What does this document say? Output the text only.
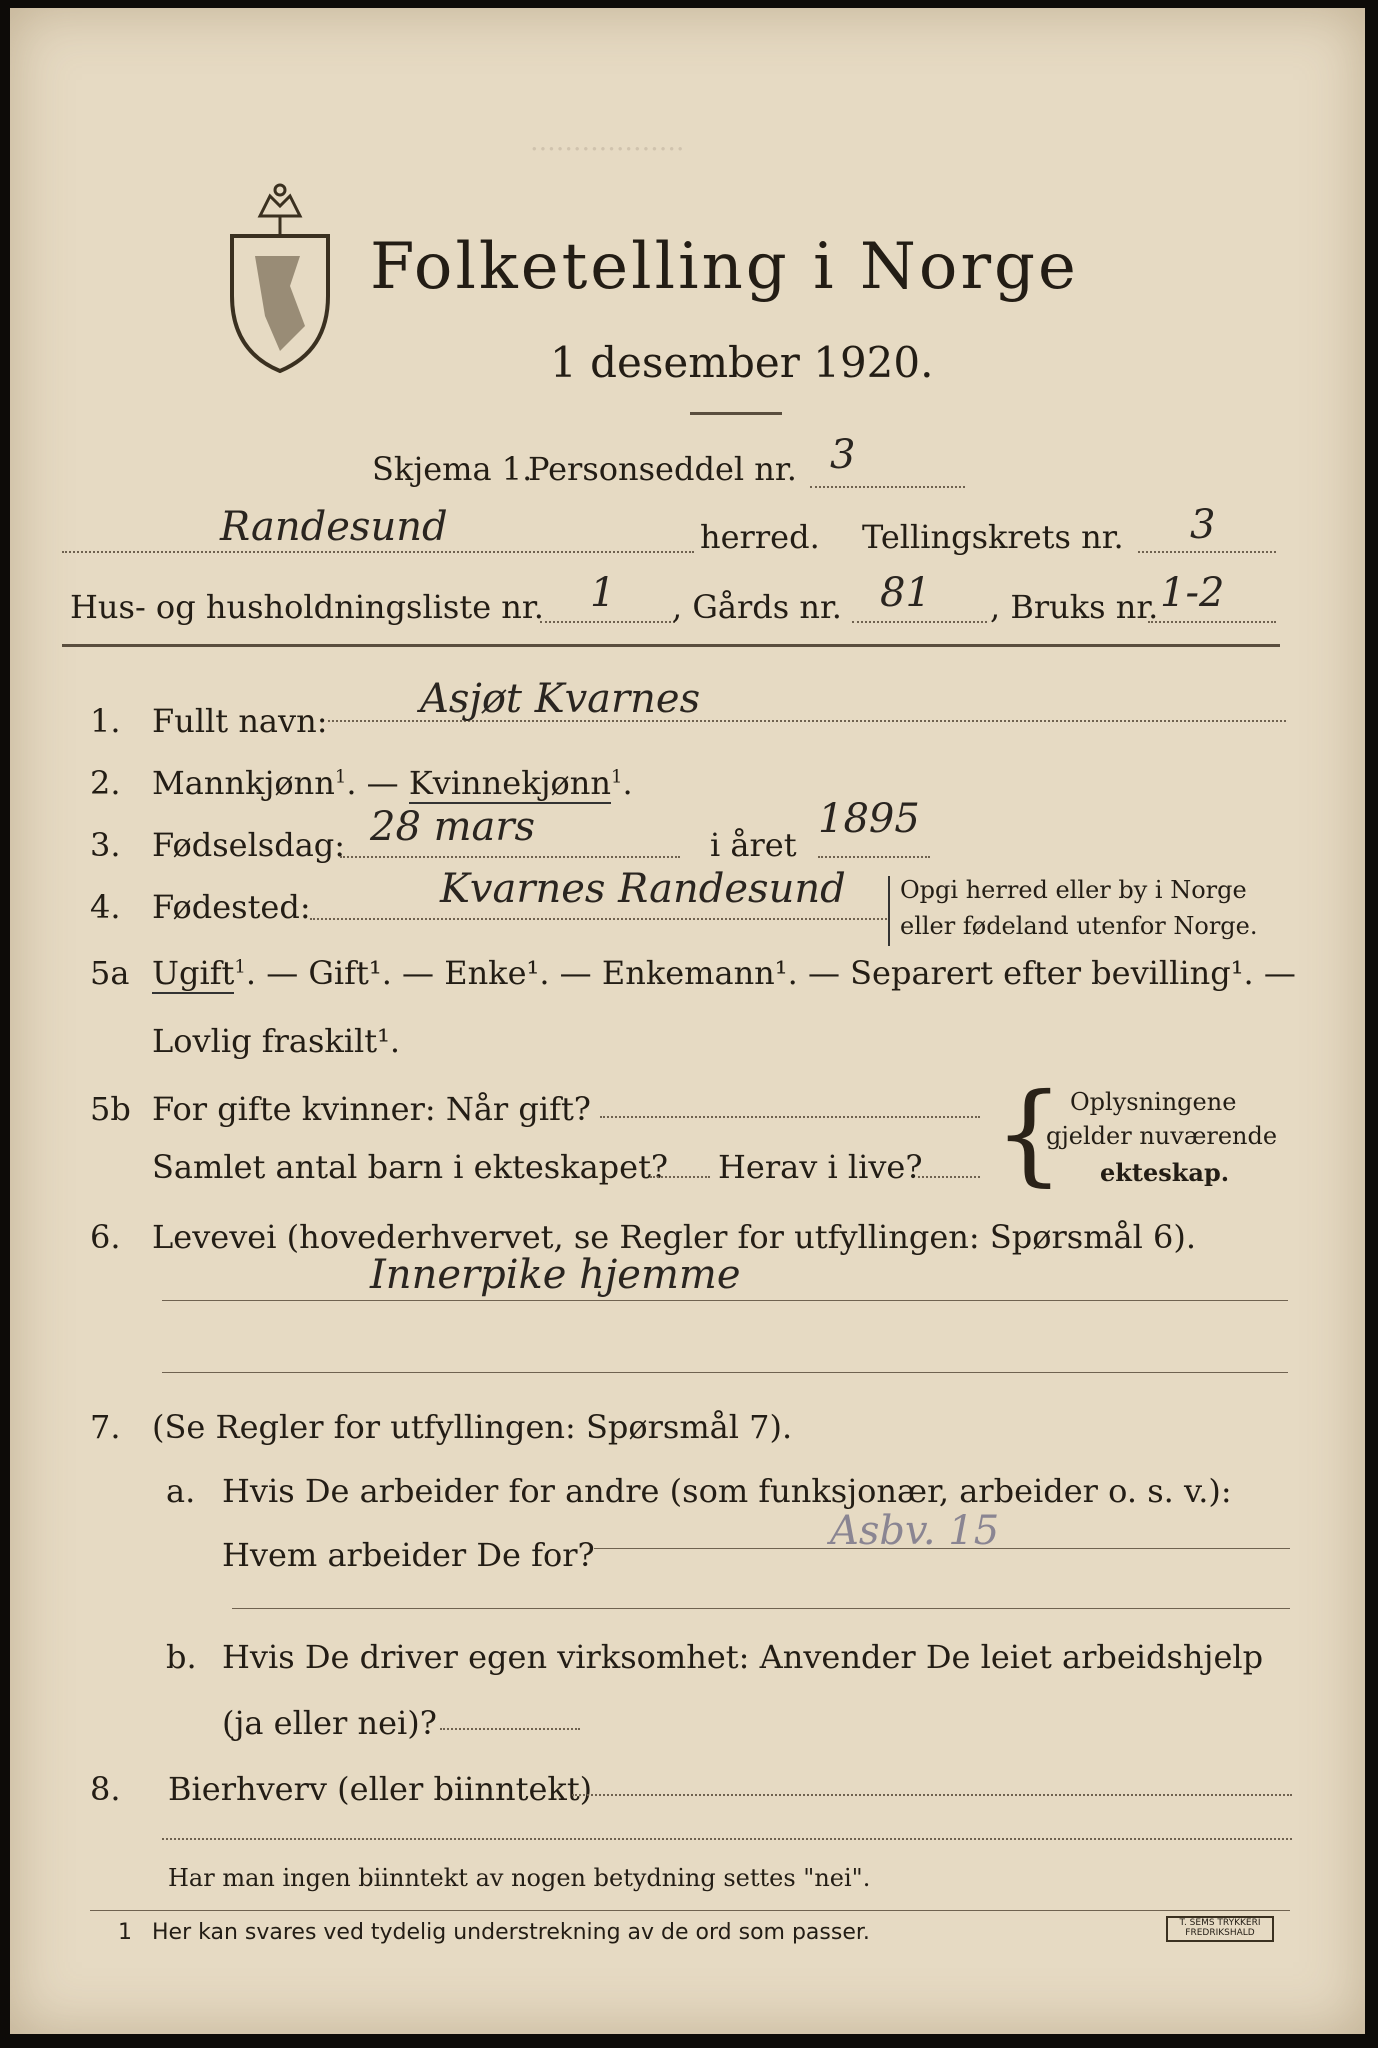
..................
Folketelling i Norge
1 desember 1920.
Skjema 1.
Personseddel nr. 3
Randesund	herred. Tellingskrets nr. 3
Hus- og husholdningsliste nr. 1 , Gårds nr. 81 , Bruks nr. 1-2
1. Fullt navn: Asjøt Kvarnes
2. Mannkjønn$^1$. — Kvinnekjønn$^1$.
3. Fødselsdag: 28 mars	i året
1895
4. Fødested:	Kvarnes Randesund Opgi herred eller by i Norge
eller fødeland utenfor Norge.
5a Ugift$^1$. — Gift¹. — Enke¹. — Enkemann¹. — Separert efter bevilling¹. —
Lovlig fraskilt¹.
5b For gifte kvinner: Når gift?
Samlet antal barn i ekteskapet? Herav i live? { Oplysningene
gjelder nuværende
ekteskap.
6. Levevei (hovederhvervet, se Regler for utfyllingen: Spørsmål 6).
Innerpike hjemme
7. (Se Regler for utfyllingen: Spørsmål 7).
a. Hvis De arbeider for andre (som funksjonær, arbeider o. s. v.):
Hvem arbeider De for?
Asbv. 15
b. Hvis De driver egen virksomhet: Anvender De leiet arbeidshjelp
(ja eller nei)?
8. Bierhverv (eller biinntekt)
Har man ingen biinntekt av nogen betydning settes "nei".
1 Her kan svares ved tydelig understrekning av de ord som passer.	T. SEMS TRYKKERI FREDRIKSHALD
